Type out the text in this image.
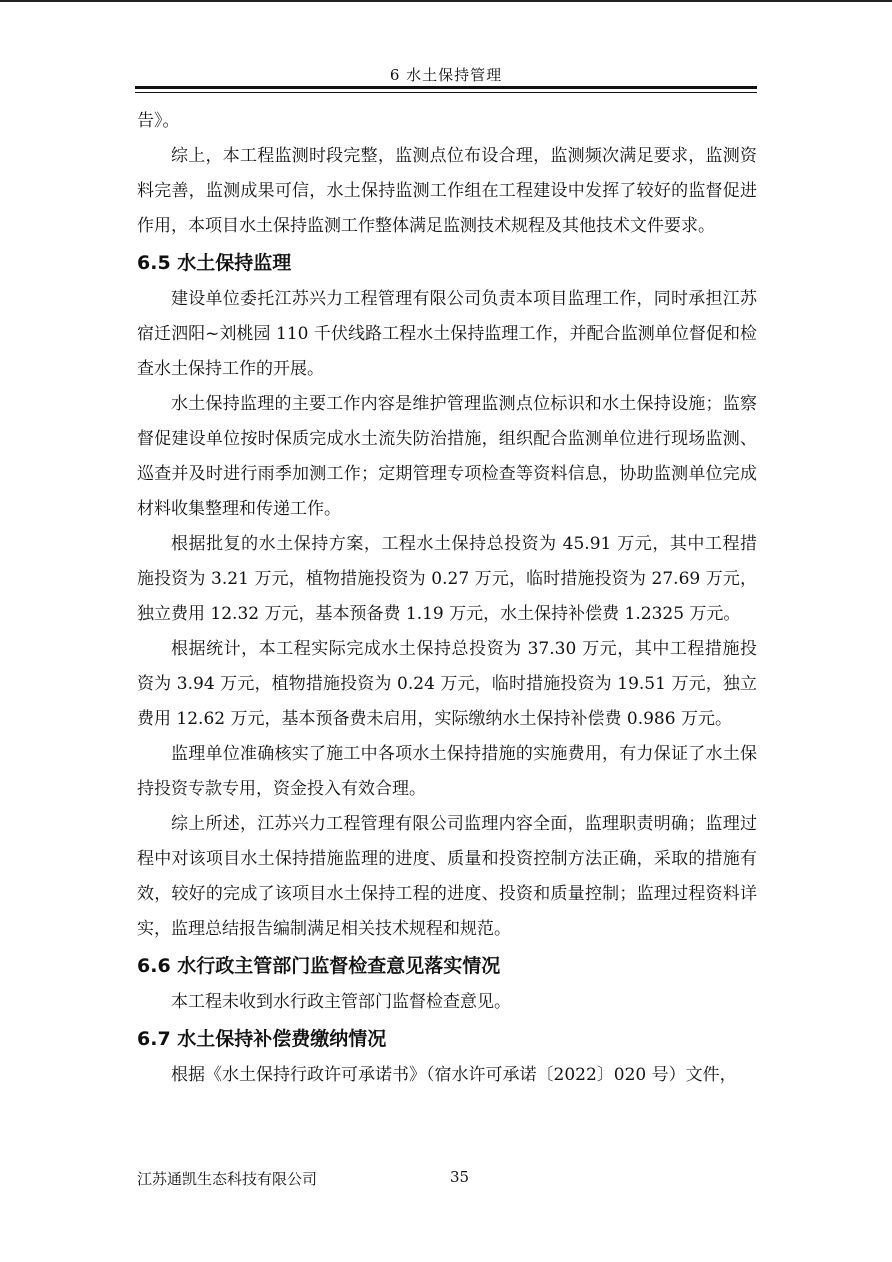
6 水土保持管理

告》。

综上，本工程监测时段完整，监测点位布设合理，监测频次满足要求，监测资料完善，监测成果可信，水土保持监测工作组在工程建设中发挥了较好的监督促进作用，本项目水土保持监测工作整体满足监测技术规程及其他技术文件要求。

6.5 水土保持监理

建设单位委托江苏兴力工程管理有限公司负责本项目监理工作，同时承担江苏宿迁泗阳~刘桃园 110 千伏线路工程水土保持监理工作，并配合监测单位督促和检查水土保持工作的开展。

水土保持监理的主要工作内容是维护管理监测点位标识和水土保持设施；监察督促建设单位按时保质完成水土流失防治措施，组织配合监测单位进行现场监测、巡查并及时进行雨季加测工作；定期管理专项检查等资料信息，协助监测单位完成材料收集整理和传递工作。

根据批复的水土保持方案，工程水土保持总投资为 45.91 万元，其中工程措施投资为 3.21 万元，植物措施投资为 0.27 万元，临时措施投资为 27.69 万元，独立费用 12.32 万元，基本预备费 1.19 万元，水土保持补偿费 1.2325 万元。

根据统计，本工程实际完成水土保持总投资为 37.30 万元，其中工程措施投资为 3.94 万元，植物措施投资为 0.24 万元，临时措施投资为 19.51 万元，独立费用 12.62 万元，基本预备费未启用，实际缴纳水土保持补偿费 0.986 万元。

监理单位准确核实了施工中各项水土保持措施的实施费用，有力保证了水土保持投资专款专用，资金投入有效合理。

综上所述，江苏兴力工程管理有限公司监理内容全面，监理职责明确；监理过程中对该项目水土保持措施监理的进度、质量和投资控制方法正确，采取的措施有效，较好的完成了该项目水土保持工程的进度、投资和质量控制；监理过程资料详实，监理总结报告编制满足相关技术规程和规范。

6.6 水行政主管部门监督检查意见落实情况

本工程未收到水行政主管部门监督检查意见。

6.7 水土保持补偿费缴纳情况

根据《水土保持行政许可承诺书》（宿水许可承诺〔2022〕020 号）文件，

江苏通凯生态科技有限公司	35
